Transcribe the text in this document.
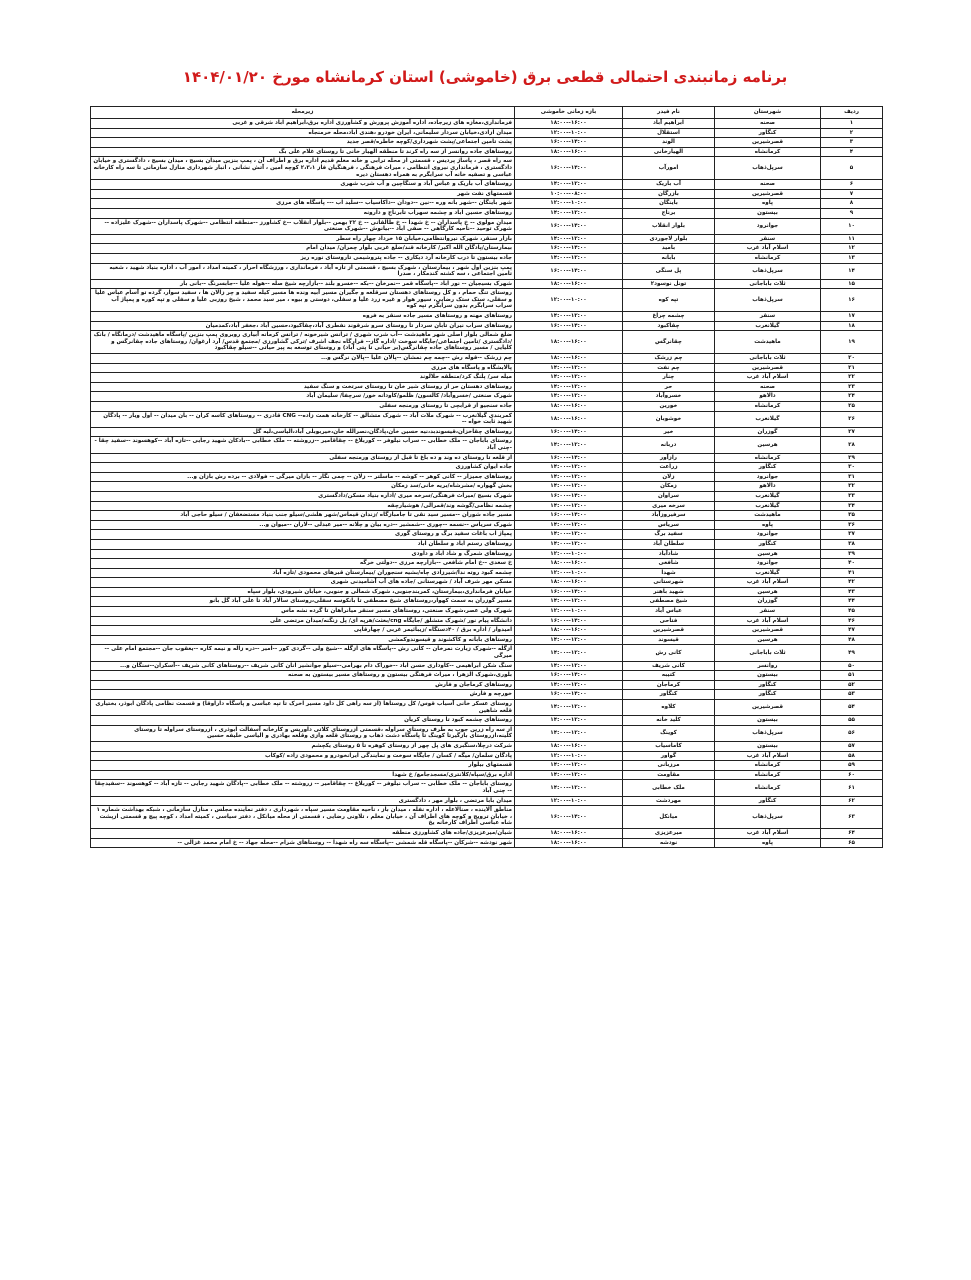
برنامه زمانبندی احتمالی قطعی برق (خاموشی) استان کرمانشاه مورخ ۱۴۰۴/۰۱/۲۰
ردیف	شهرستان	نام فیدر	بازه زمانی خاموشی	زیرمحله
۱	صحنه	ابراهیم آباد	۱۸:۰۰--۱۶:۰۰	فرمانداری،مغازه های زیرجاده، اداره آموزش پرورش و کشاورزی اداره برق،ابراهیم اباد شرقی و غربی
۲	کنگاور	استقلال	۱۲:۰۰--۱۰:۰۰	میدان ازادی،خیابان سردار سلیمانی، ایران خودرو ،هندی اباد،محله خرمنجاه
۳	قصرشیرین	الوند	۱۶:۰۰--۱۴:۰۰	پشت تامین اجتماعی/پشت شهرداری/کوچه خاطره/قصر جدید
۴	کرمانشاه	الهیارخانی	۱۸:۰۰--۱۶:۰۰	روستاهای جاده روانسر از سه راه کرند تا منطقه الهیار خانی تا روستای غلام علی بگ
۵	سرپل‌ذهاب	امورآب	۱۶:۰۰--۱۴:۰۰	سه راه قصر ، پاساژ پردیس ، قسمتی از محله ترابی و خانه معلم قدیم اداره برق و اطراف آن ، پمپ بنزین میدان بسیج ، میدان بسیج ، دادگستری و خیابان دادگستری ، فرمانداری نیروی انتظامی ، میراث فرهنگی ، فرهنگیان فاز ۲،۳،۱ کوچه امین ، آتش نشانی ، انبار شهرداری منازل سازمانی تا سه راه کارخانه عباسی و تصفیه خانه آب سرابگرم به همراه دهستان دیره
۶	صحنه	آب باریک	۱۴:۰۰--۱۲:۰۰	روستاهای آب باریک و عباس آباد و سنگاچین و آب شرب شهری
۷	قصرشیرین	بازرگان	۱۰:۰۰--۰۸:۰۰	قسمتهای نفت شهر
۸	پاوه	باینگان	۱۲:۰۰--۱۰:۰۰	شهر باینگان --شهر بانه وره --نین --دودان --داکاسیاب --سلید اب --- پاسگاه های مرزی
۹	بیستون	برناج	۱۴:۰۰--۱۲:۰۰	روستاهای حسین اباد و چشمه سهراب تابرناج و دارونه
۱۰	جوانرود	بلوار انقلاب	۱۶:۰۰--۱۴:۰۰	میدان مولوی -- خ پاسداران -- خ شهدا -- خ طالقانی -- خ ۲۲ بهمن --بلوار انقلاب --خ کشاورز --منطقه انتظامی --شهرک پاسداران --شهرک علیزاده --شهرک توحید --ناحیه کارگاهی -- صفی اباد --بیانوش --شهرک صنعتی
۱۱	سنقر	بلوار لاجوردی	۱۴:۰۰--۱۲:۰۰	بازار سنقر، شهرک نیروانتظامی،خیابان ۱۵ خرداد چهار راه سطر
۱۲	اسلام آباد غرب	بامید	۱۶:۰۰--۱۴:۰۰	بیمارستان/پادگان الله اکبر/ کارخانه قند/ضلع غربی بلوار چمران/ میدان امام
۱۳	کرمانشاه	بابانه	۱۴:۰۰--۱۲:۰۰	جاده بیستون تا درب کارخانه آرد دیکاری -- جاده پتروشیمی تاروستای نوره ریز
۱۴	سرپل‌ذهاب	پل سنگی	۱۶:۰۰--۱۴:۰۰	پمپ بنزین اول شهر ، بیمارستان ، شهرک بسیج ، قسمتی از تازه آباد ، فرمانداری ، ورزشگاه احرار ، کمیته امداد ، امور آب ، اداره بنیاد شهید ، شعبه تامین اجتماعی ، سه کشته کندمکار ، صدرا
۱۵	ثلاث باباجانی	تونل نوسود۲	۱۸:۰۰--۱۶:۰۰	شهرک بسیجیان -- نور اباد --پاسگاه قمر --نمرخان --بکه --خسرو بلند --بازارچه شیخ صله --هوله علیا --جابسرنگ --بانی بار
۱۶	سرپل‌ذهاب	تپه کوه	۱۲:۰۰--۱۰:۰۰	روستای تنگ حمام ، و کل روستاهای دهستان سرقلعه و جگیران مسیر آبیه ونده ها مسیر کیله سفید و چر زالان ها ، سفید سوار، گرده تو آسام عباس علیا و سفلی، ستک ستک رضایی، سیور هوار و غیره زرد علیا و سفلی، دوستی و بیوه ، میر سید محمد ، شیخ روزبی علیا و سفلی و تپه کوره و پمپاژ آب سراب سرابگرم بدون سرابگرم تپه کوه
۱۷	سنقر	چشمه چراغ	۱۴:۰۰--۱۲:۰۰	روستاهای مهنه و روستاهای مسیر جاده سنقر به فروه
۱۸	گیلانغرب	چقاکبود	۱۶:۰۰--۱۴:۰۰	روستاهای سراب نیران تابان سردار تا روستای سرو شرقوند نفطری آباد،چقاکبود،حسین آباد ،جعفر آباد،کمدمیان
۱۹	ماهیدشت	چقانرگس	۱۸:۰۰--۱۶:۰۰	ضلع شمالی بلوار اصلی شهر ماهیدشت --آب شرب شهری / ترانس شیرخونه / ترانس کرمانه آبیاری روبروی پمپ بنزین /پاسگاه ماهیدشت /درمانگاه / بانک /دادگستری /تامین اجتماعی/جایگاه سوخت /اداره گاز-- فرارگاه نجف اشرف /ترکی گشاورزی /مجتمع قدس/ آرد ارغوان/ روستاهای جاده چقانرگس و کلیایی / مسیر روستاهای جاده چقانرگس(بر حیانی تا پتی آباد) و روستای توسعه به پیر حیاتی --سیلو چقاکبود
۲۰	ثلاث باباجانی	چم زرشک	۱۸:۰۰--۱۶:۰۰	چم زرشک --قوله رش --چمه چم نمشان --پالان علیا --پالان نرگس و...
۲۱	قصرشیرین	چم نفت	۱۴:۰۰--۱۲:۰۰	پالایشگاه و پاسگاه های مرزی
۲۲	اسلام آباد غرب	چنار	۱۴:۰۰--۱۲:۰۰	میله سر/ پلنگ کرد/منطقه حلالوند
۲۳	صحنه	حر	۱۴:۰۰--۱۲:۰۰	روستاهای دهستان حر از روستای شیر خان تا روستای سرتخت و سنگ سفید
۲۴	دالاهو	خسروآباد	۱۴:۰۰--۱۲:۰۰	شهرک صنعتی /خسروآباد/ کالسون/ ظلمو/کاودانه خور/ سرچفا/ سلیمان آباد
۲۵	کرمانشاه	خورین	۱۸:۰۰--۱۶:۰۰	جاده سنجیو از قرابچی تا روستای ورمنجه سفلی
۲۶	گیلانغرب	خوشوبان	۱۸:۰۰--۱۶:۰۰	کمربندی گیلانغرب -- شهرک ملات آباد -- شهرک متشالق -- کارخانه همت زاده-- CNG قادری -- روستاهای کاسه کران -- بان میدان -- اول ویار -- پادگان شهید ثابت خواه --
۲۷	گوزران	خیر	۱۶:۰۰--۱۴:۰۰	روستاهای چقاخزان،قیسوندبد،نیه حسین خان،پادگان،نصرالله خان،خیربوبلی آباد،الیاسی،لیه گل
۲۸	هرسین	دربانه	۱۴:۰۰--۱۲:۰۰	روستای باباجان -- ملک خطابی -- سراب نیلوفر -- کوربلاغ -- چقاقامیر --زروشته -- ملک خطابی --بادکان شهید رجایی --تازه آباد --کوهسوند --سفید چقا --چنی آباد
۲۹	کرمانشاه	رازآور	۱۶:۰۰--۱۴:۰۰	از قلعه تا روستای ده وند و ده باغ تا قبل از روستای ورمنجه سفلی
۳۰	کنگاور	زراعت	۱۴:۰۰--۱۲:۰۰	جاده ایوان کشاورزی
۳۱	جوانرود	زلان	۱۴:۰۰--۱۲:۰۰	روستاهای جمیزار -- کانی کوهر -- کوشه -- ماسلتر -- زلان -- چمی نگار -- بازان میرگی -- فولادی -- برده رش بازان و...
۳۲	دالاهو	زمکان	۱۴:۰۰--۱۲:۰۰	بخش گهواره /مشرشاه/بریه خانی/سد زمکان
۳۳	گیلانغرب	سراوان	۱۶:۰۰--۱۴:۰۰	شهرک بسیج /میراث فرهنگی/سرخه میری /اداره بنیاد مسکن/دادگستری
۳۴	گیلانغرب	سرخه میری	۱۴:۰۰--۱۲:۰۰	چشمه نظامی/گوشه وند/قمرالی/ هوشیارچقه
۳۵	ماهیدشت	سرفیروزآباد	۱۶:۰۰--۱۴:۰۰	مسیر جاده شوران --مسیر سید نقی تا جامبازگاه /زندان قیماس/شهر هلشی/سیلو جنب بنیاد مستضعفان / سیلو حاجی آباد
۳۶	پاوه	سریاس	۱۴:۰۰--۱۲:۰۰	شهرک سریاس --نسمه --چوری --شمشیر --دره بیان و چلانه --میر عبدلی --لاران --میوان و...
۳۷	جوانرود	سفید برگ	۱۴:۰۰--۱۲:۰۰	پمپاژ اب باغات سفید برگ و روستای گوری
۳۸	کنگاور	سلطان آباد	۱۴:۰۰--۱۲:۰۰	روستاهای رستم اباد و سلطان اباد
۳۹	هرسین	شادآباد	۱۲:۰۰--۱۰:۰۰	روستاهای شمرگ و شاد اباد و داودی
۴۰	جوانرود	شافعی	۱۸:۰۰--۱۶:۰۰	خ سعدی --خ امام شافعی --بازارچه مرزی --دولتی خرگه
۴۱	گیلانغرب	شهدا	۱۲:۰۰--۱۰:۰۰	چشمه کبود روته ندا/شیرزادی چاه/بشیه سنجوران /بیمارستان قبرهای محمودی /تازه آباد
۴۲	اسلام آباد غرب	شهرستانی	۱۸:۰۰--۱۶:۰۰	مسکن مهر شرف آباد / شهرستانی /جاده های آب آشامیدنی شهری
۴۳	هرسین	شهید باهنر	۱۶:۰۰--۱۴:۰۰	خیابان فرمانداری،بیمارستان، کمربندجنوبی، شهرک شمالی و جنوبی، خیابان شیرودی، بلوار سپاه
۴۴	گوزران	شیخ مصطفی	۱۴:۰۰--۱۲:۰۰	مسیر گوزران به سمت کهوار،روستاهای شیخ مصطفی تا بانکوسه سفلی،روستای سالار آباد تا علی آباد گل بانو
۴۵	سنقر	عباس آباد	۱۲:۰۰--۱۰:۰۰	شهرک ولی عصر،شهرک صنعتی، روستاهای مسیر سنقر میانراهان تا گرده نشه ماس
۴۶	اسلام آباد غرب	فتاحی	۱۶:۰۰--۱۴:۰۰	دانشگاه پیام نور /شهرک متشلق /جایگاه cng/بعثت/هرپه ای/ پل زنگنه/میدان مرتضی علی
۴۷	قصرشیرین	قصرشیرین	۱۸:۰۰--۱۶:۰۰	امیدوار / اداره برق / ۴۰دستگاه /زیبائیمر غربی / چهارقاپی
۴۸	هرسین	قیسوند	۱۴:۰۰--۱۲:۰۰	روستاهای بابانه و کاکشوند و قیسوندوکمشی
۴۹	ثلاث باباجانی	کانی رش	۱۴:۰۰--۱۲:۰۰	ازگله --شهرک زیارت نمرخان -- کانی رش --پاسگاه های ازگله --شیخ ولی --گردی کور --امیر --دره زاله و نیمه کاره --یعقوب جان --مجتمع امام علی --میرگی
۵۰	روانسر	کانی شریف	۱۴:۰۰--۱۲:۰۰	سنگ شکن ابراهیمی --کاوداری حسن اباد --خوراک دام بهرامی--سیلو جوانشیر انان کانی شریف --روستاهای کانی شریف --آسکران--سنگان و...
۵۱	بیستون	کتیبه	۱۶:۰۰--۱۴:۰۰	بلوری،شهرک الزهرا ، میراث فرهنگی بیستون و روستاهای مسیر بیستون به صحنه
۵۲	کنگاور	کرماجان	۱۴:۰۰--۱۲:۰۰	روستاهای کرماجان و فارش
۵۳	کنگاور	کنگاور	۱۶:۰۰--۱۴:۰۰	خورچه و فارش
۵۴	قصرشیرین	کلاوه	۱۴:۰۰--۱۲:۰۰	روستای عسکر خانی آسیاب قوس/ کل روستاها (از سه راهی کل داود مسیر اخرک تا تپه عباسی و پاسگاه داراوقا) و قسمت نظامی پادگان ابوذر، بختیاری قلعه شاهین
۵۵	بیستون	کلید خانه	۱۴:۰۰--۱۲:۰۰	روستاهای چشمه کبود تا روستای کریان
۵۶	سرپل‌ذهاب	کوینگ	۱۴:۰۰--۱۲:۰۰	از سه راه زرین جوب به طرف روستای سراوله ،قسمتی ازروستای کلاتی داوریس و کارخانه آسفالت ابوذری ، ازروستای سراوله تا روستای کلینه،ازروستای بازگیرتا کوینگ تا پاسگاه دشت ذهاب و روستای قلعه وازی وقلعه بهادری و الیاسی خلیفه حسین
۵۷	بیستون	کاماسیاب	۱۸:۰۰--۱۶:۰۰	شرکت درچلا،سنگبری های پل چهر از روستای کوهره تا ۵ روستای یکچشم
۵۸	اسلام آباد غرب	گواور	۱۲:۰۰--۱۰:۰۰	پادگان سلمان/ میگه / کسان / جایگاه سوخت و نمایندگی ایرانخودرو و محمودی زاده /کوکاب
۵۹	کرمانشاه	مرزبانی	۱۴:۰۰--۱۲:۰۰	قسمتهای بیلوار
۶۰	کرمانشاه	مقاومت	۱۴:۰۰--۱۲:۰۰	اداره برق/سپاه/کلانتری/مسجدجامع/ خ شهدا
۶۱	کرمانشاه	ملک خطابی	۱۴:۰۰--۱۲:۰۰	روستای باباجان -- ملک خطابی -- سراب نیلوفر -- کوربلاغ -- چقاقامیر -- زروشته -- ملک خطابی --پادگان شهید رجایی -- تازه آباد -- کوهسوند --سفیدچقا -- چنی آباد
۶۲	کنگاور	مهردشت	۱۲:۰۰--۱۰:۰۰	میدان بابا مرتضی ، بلوار مهر ، دادگستری
۶۳	سرپل‌ذهاب	میانکل	۱۶:۰۰--۱۴:۰۰	مناطق آلاینده ، صنالاعله ، اداره نفله ، میدان باز ، ناحیه مقاومت مسیر سپاه ، شهرداری ، دفتر نماینده مجلس ، منازل سازمانی ، شبکه بهداشت شماره ۱ ، خیابان ترویج و کوچه های اطراف آن ، خیابان معلم ، تلاونی رضایی ، قسمتی از محله میانکل ، دفتر سیاسی ، کمیته امداد ، کوچه پیچ و قسمتی ازپشت شاه عباسی اطراف کارخانه یخ
۶۴	اسلام آباد غرب	میرعزیزی	۱۸:۰۰--۱۶:۰۰	شیان/میرعزیزی/جاده های کشاورزی منطقه
۶۵	پاوه	نودشه	۱۸:۰۰--۱۶:۰۰	شهر نودشه --شرکان --پاسگاه قله شمشی --پاسگاه سه راه شهدا -- روستاهای شرام --محله جهاد -- خ امام محمد غزالی --
